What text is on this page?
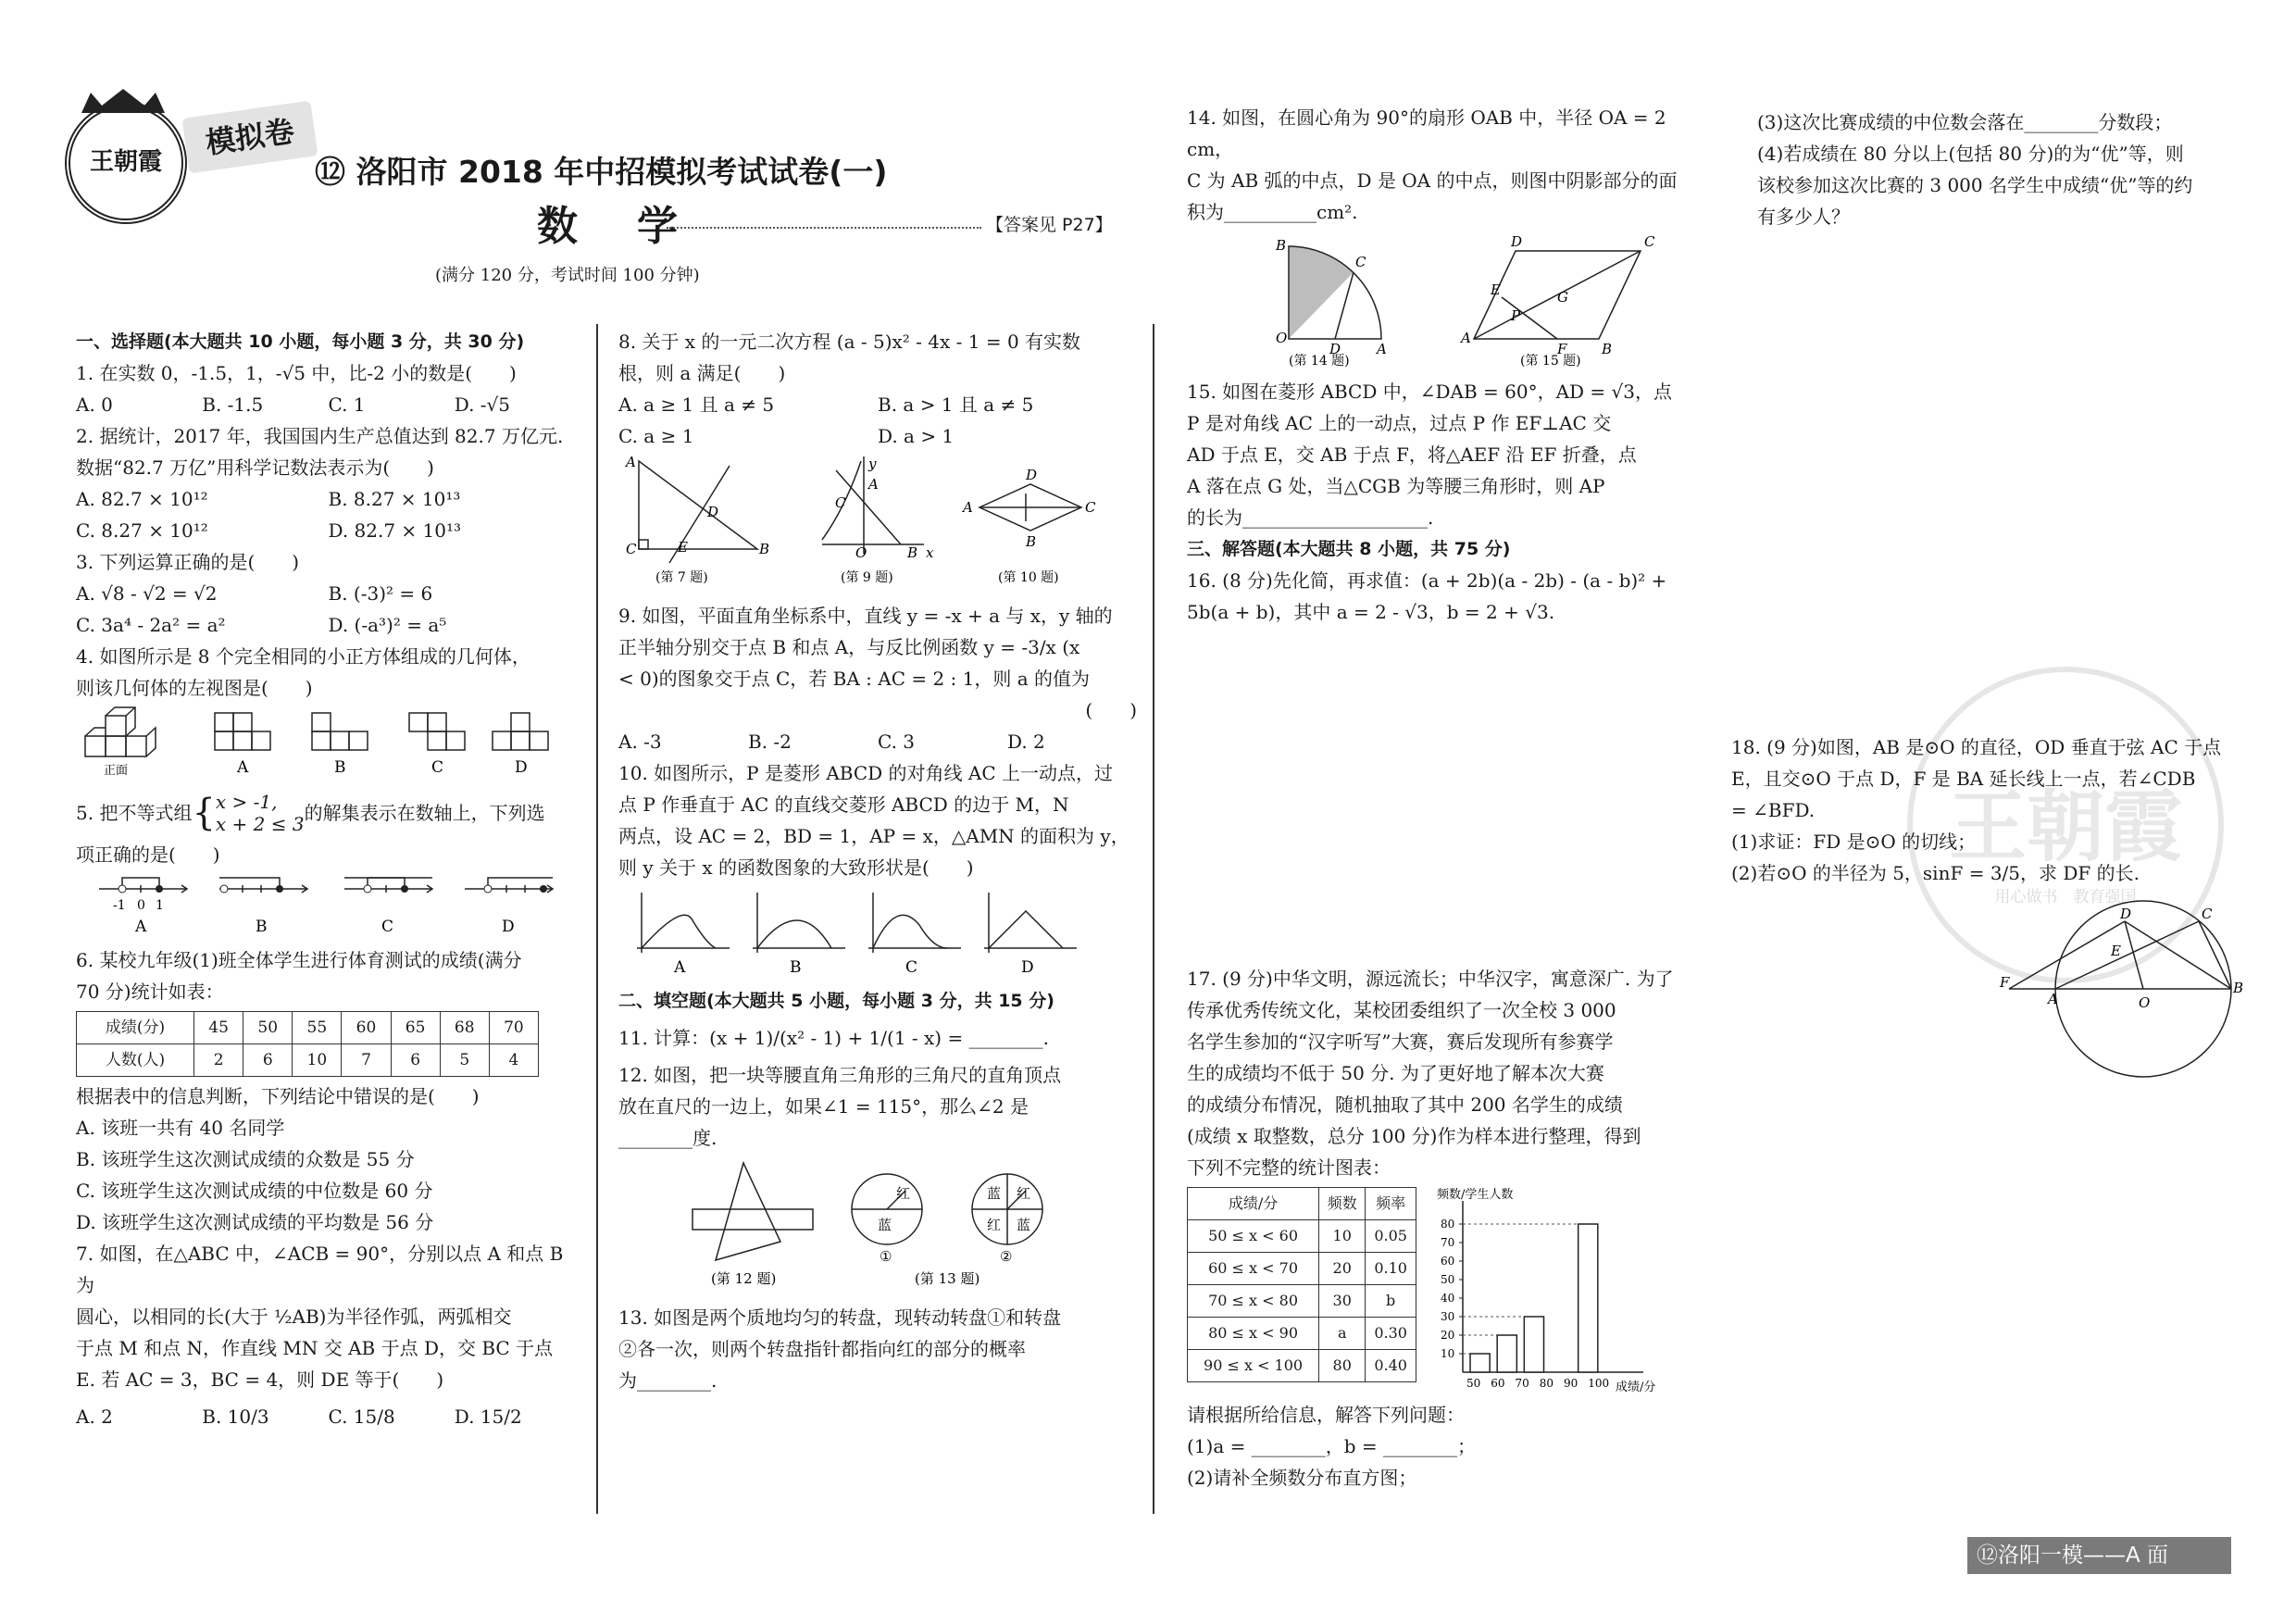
王朝霞
模拟卷
⑫ 洛阳市 2018 年中招模拟考试试卷(一)
数　学	【答案见 P27】
(满分 120 分，考试时间 100 分钟)

一、选择题(本大题共 10 小题，每小题 3 分，共 30 分)

1. 在实数 0，-1.5，1，-√5 中，比-2 小的数是(　　)

A. 0	B. -1.5	C. 1	D. -√5

2. 据统计，2017 年，我国国内生产总值达到 82.7 万亿元.

数据“82.7 万亿”用科学记数法表示为(　　)

A. 82.7 × 10¹²	B. 8.27 × 10¹³
C. 8.27 × 10¹²	D. 82.7 × 10¹³

3. 下列运算正确的是(　　)

A. √8 - √2 = √2	B. (-3)² = 6
C. 3a⁴ - 2a² = a²	D. (-a³)² = a⁵

4. 如图所示是 8 个完全相同的小正方体组成的几何体，

则该几何体的左视图是(　　)

正面	A	B	C	D
5. 把不等式组 { x > -1,
x + 2 ≤ 3 的解集表示在数轴上，下列选

项正确的是(　　)

-1 0 1
A	B	C	D

6. 某校九年级(1)班全体学生进行体育测试的成绩(满分

70 分)统计如表：

成绩(分)	45	50	55	60	65	68	70
人数(人)	2	6	10	7	6	5	4

根据表中的信息判断，下列结论中错误的是(　　)

A. 该班一共有 40 名同学

B. 该班学生这次测试成绩的众数是 55 分

C. 该班学生这次测试成绩的中位数是 60 分

D. 该班学生这次测试成绩的平均数是 56 分

7. 如图，在△ABC 中，∠ACB = 90°，分别以点 A 和点 B 为

圆心，以相同的长(大于 ½AB)为半径作弧，两弧相交

于点 M 和点 N，作直线 MN 交 AB 于点 D，交 BC 于点

E. 若 AC = 3，BC = 4，则 DE 等于(　　)

A. 2	B. 10/3	C. 15/8	D. 15/2

8. 关于 x 的一元二次方程 (a - 5)x² - 4x - 1 = 0 有实数

根，则 a 满足(　　)

A. a ≥ 1 且 a ≠ 5	B. a > 1 且 a ≠ 5
C. a ≥ 1	D. a > 1
A
C	B
D
E	B
y
O	x
C
A
A	C
D
B
(第 7 题)	(第 9 题)	(第 10 题)

9. 如图，平面直角坐标系中，直线 y = -x + a 与 x，y 轴的

正半轴分别交于点 B 和点 A，与反比例函数 y = -3/x (x

< 0)的图象交于点 C，若 BA : AC = 2 : 1，则 a 的值为

(　　)

A. -3	B. -2	C. 3	D. 2

10. 如图所示，P 是菱形 ABCD 的对角线 AC 上一动点，过

点 P 作垂直于 AC 的直线交菱形 ABCD 的边于 M，N

两点，设 AC = 2，BD = 1，AP = x，△AMN 的面积为 y，

则 y 关于 x 的函数图象的大致形状是(　　)

A	B	C	D

二、填空题(本大题共 5 小题，每小题 3 分，共 15 分)

11. 计算：(x + 1)/(x² - 1) + 1/(1 - x) = ________.

12. 如图，把一块等腰直角三角形的三角尺的直角顶点

放在直尺的一边上，如果∠1 = 115°，那么∠2 是

________度.

红
蓝
红
蓝
红 蓝
①	②
(第 12 题)	(第 13 题)

13. 如图是两个质地均匀的转盘，现转动转盘①和转盘

②各一次，则两个转盘指针都指向红的部分的概率

为________.

14. 如图，在圆心角为 90°的扇形 OAB 中，半径 OA = 2 cm，

C 为 AB 弧的中点，D 是 OA 的中点，则图中阴影部分的面

积为__________cm².

B
C
O
D	A
A
D	C
B
E
F
P
G
(第 14 题)	(第 15 题)

15. 如图在菱形 ABCD 中，∠DAB = 60°，AD = √3，点

P 是对角线 AC 上的一动点，过点 P 作 EF⊥AC 交

AD 于点 E，交 AB 于点 F，将△AEF 沿 EF 折叠，点

A 落在点 G 处，当△CGB 为等腰三角形时，则 AP

的长为____________________.

三、解答题(本大题共 8 小题，共 75 分)

16. (8 分)先化简，再求值：(a + 2b)(a - 2b) - (a - b)² +

5b(a + b)，其中 a = 2 - √3，b = 2 + √3.

17. (9 分)中华文明，源远流长；中华汉字，寓意深广. 为了

传承优秀传统文化，某校团委组织了一次全校 3 000

名学生参加的“汉字听写”大赛，赛后发现所有参赛学

生的成绩均不低于 50 分. 为了更好地了解本次大赛

的成绩分布情况，随机抽取了其中 200 名学生的成绩

(成绩 x 取整数，总分 100 分)作为样本进行整理，得到

下列不完整的统计图表：

成绩/分	频数	频率
50 ≤ x < 60	10	0.05
60 ≤ x < 70	20	0.10
70 ≤ x < 80	30	b
80 ≤ x < 90	a	0.30
90 ≤ x < 100	80	0.40
频数/学生人数
成绩/分
10
20
30
40
50
60
70
80
50 60 70 80 90 100

请根据所给信息，解答下列问题：

(1)a = ________，b = ________；

(2)请补全频数分布直方图；

(3)这次比赛成绩的中位数会落在________分数段；

(4)若成绩在 80 分以上(包括 80 分)的为“优”等，则

该校参加这次比赛的 3 000 名学生中成绩“优”等的约

有多少人？

王朝霞
用心做书　教育强国

18. (9 分)如图，AB 是⊙O 的直径，OD 垂直于弦 AC 于点

E，且交⊙O 于点 D，F 是 BA 延长线上一点，若∠CDB

= ∠BFD.

(1)求证：FD 是⊙O 的切线；

(2)若⊙O 的半径为 5，sinF = 3/5，求 DF 的长.

F
A	O
B
D	C
E
⑫洛阳一模——A 面
